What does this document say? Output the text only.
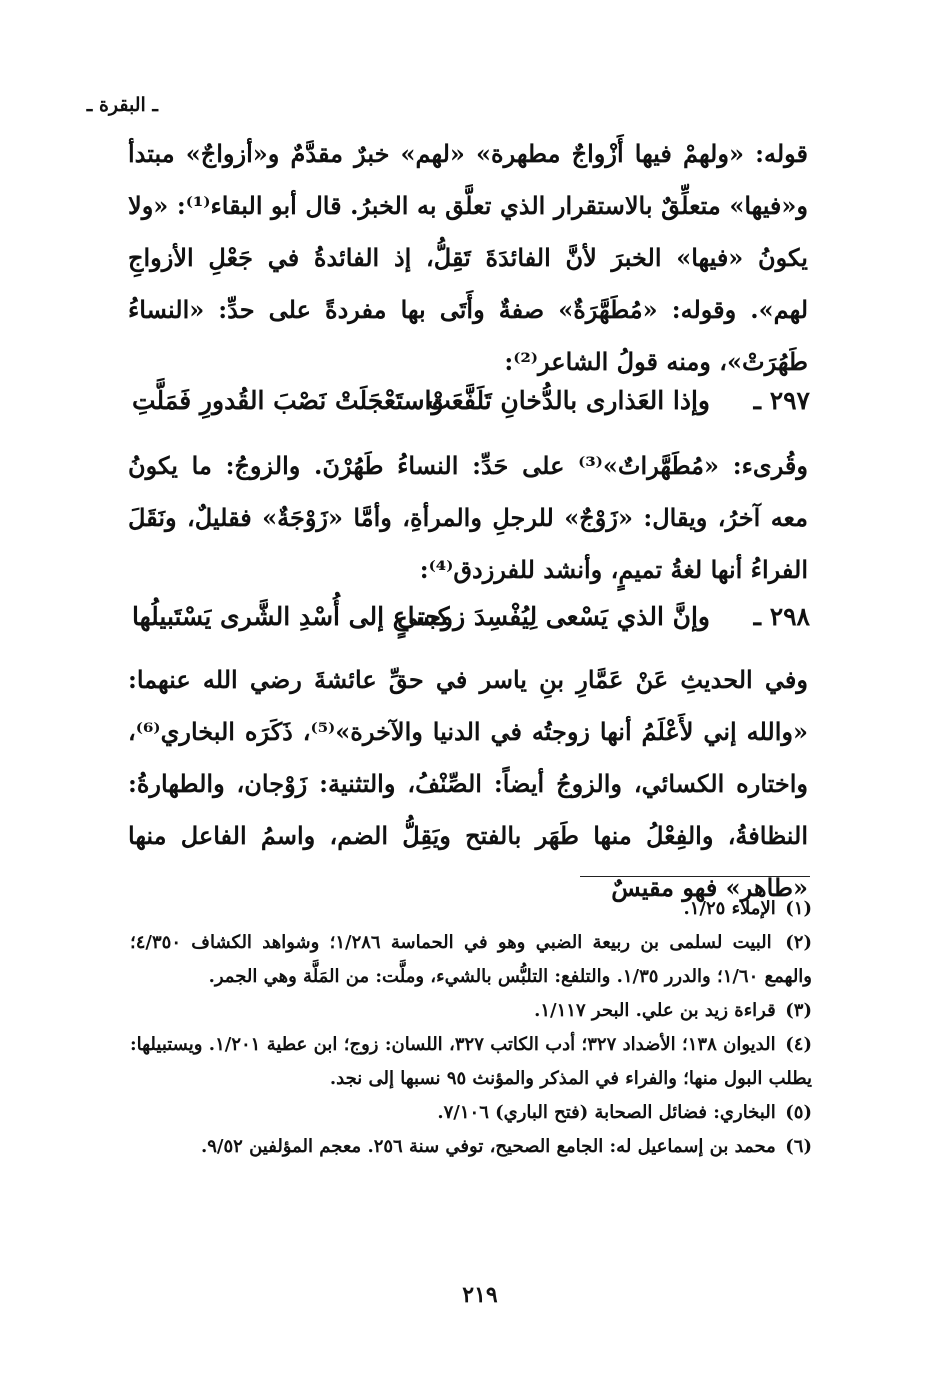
ـ البقرة ـ

قوله: «ولهمْ فيها أَزْواجٌ مطهرة» «لهم» خبرٌ مقدَّمٌ و«أزواجٌ» مبتدأ و«فيها» متعلِّقٌ بالاستقرار الذي تعلَّق به الخبرُ. قال أبو البقاء⁽¹⁾: «ولا يكونُ «فيها» الخبرَ لأنَّ الفائدَةَ تَقِلُّ، إذ الفائدةُ في جَعْلِ الأزواجِ لهم». وقوله: «مُطَهَّرَةٌ» صفةٌ وأَتَى بها مفردةً على حدِّ: «النساءُ طَهُرَتْ»، ومنه قولُ الشاعر⁽²⁾:

٢٩٧ ـ
وإذا العَذارى بالدُّخانِ تَلَفَّعَتْ
واستَعْجَلَتْ نَصْبَ القُدورِ فَمَلَّتِ

وقُرىء: «مُطَهَّراتٌ»⁽³⁾ على حَدِّ: النساءُ طَهُرْنَ. والزوجُ: ما يكونُ معه آخرُ، ويقال: «زَوْجٌ» للرجلِ والمرأةِ، وأمَّا «زَوْجَةٌ» فقليلٌ، ونَقَلَ الفراءُ أنها لغةُ تميمٍ، وأنشد للفرزدق⁽⁴⁾:

٢٩٨ ـ
وإنَّ الذي يَسْعى لِيُفْسِدَ زوجتي
كساعٍ إلى أُسْدِ الشَّرى يَسْتَبيلُها

وفي الحديثِ عَنْ عَمَّارِ بنِ ياسر في حقِّ عائشةَ رضي الله عنهما: «والله إني لأَعْلَمُ أنها زوجتُه في الدنيا والآخرة»⁽⁵⁾، ذَكَرَه البخاري⁽⁶⁾، واختاره الكسائي، والزوجُ أيضاً: الصِّنْفُ، والتثنية: زَوْجان، والطهارةُ: النظافةُ، والفِعْلُ منها طَهَر بالفتح ويَقِلُّ الضم، واسمُ الفاعل منها «طاهر» فهو مقيسٌ

(١) الإملاء ١/٢٥.

(٢) البيت لسلمى بن ربيعة الضبي وهو في الحماسة ١/٢٨٦؛ وشواهد الكشاف ٤/٣٥٠؛ والهمع ١/٦٠؛ والدرر ١/٣٥. والتلفع: التلبُّس بالشيء، وملَّت: من المَلَّة وهي الجمر.

(٣) قراءة زيد بن علي. البحر ١/١١٧.

(٤) الديوان ١٣٨؛ الأضداد ٣٢٧؛ أدب الكاتب ٣٢٧، اللسان: زوج؛ ابن عطية ١/٢٠١. ويستبيلها: يطلب البول منها؛ والفراء في المذكر والمؤنث ٩٥ نسبها إلى نجد.

(٥) البخاري: فضائل الصحابة (فتح الباري) ٧/١٠٦.

(٦) محمد بن إسماعيل له: الجامع الصحيح، توفي سنة ٢٥٦. معجم المؤلفين ٩/٥٢.

٢١٩
